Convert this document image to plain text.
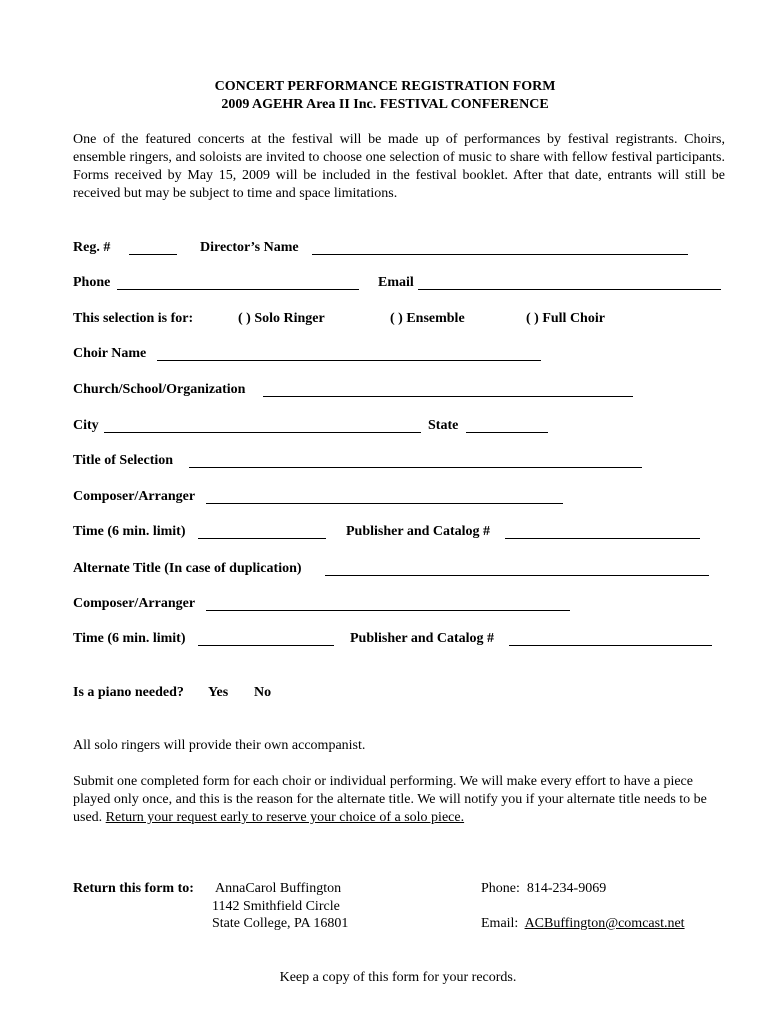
CONCERT PERFORMANCE REGISTRATION FORM
2009 AGEHR Area II Inc. FESTIVAL CONFERENCE
One of the featured concerts at the festival will be made up of performances by festival registrants. Choirs, ensemble ringers, and soloists are invited to choose one selection of music to share with fellow festival participants. Forms received by May 15, 2009 will be included in the festival booklet. After that date, entrants will still be received but may be subject to time and space limitations.
Reg. #	Director’s Name
Phone	Email
This selection is for:	( ) Solo Ringer	( ) Ensemble	( ) Full Choir
Choir Name
Church/School/Organization
City	State
Title of Selection
Composer/Arranger
Time (6 min. limit)	Publisher and Catalog #
Alternate Title (In case of duplication)
Composer/Arranger
Time (6 min. limit)	Publisher and Catalog #
Is a piano needed? Yes No
All solo ringers will provide their own accompanist.
Submit one completed form for each choir or individual performing. We will make every effort to have a piece played only once, and this is the reason for the alternate title. We will notify you if your alternate title needs to be used. Return your request early to reserve your choice of a solo piece.
Return this form to: AnnaCarol Buffington
1142 Smithfield Circle
State College, PA 16801
Phone: 814-234-9069
Email: ACBuffington@comcast.net
Keep a copy of this form for your records.
